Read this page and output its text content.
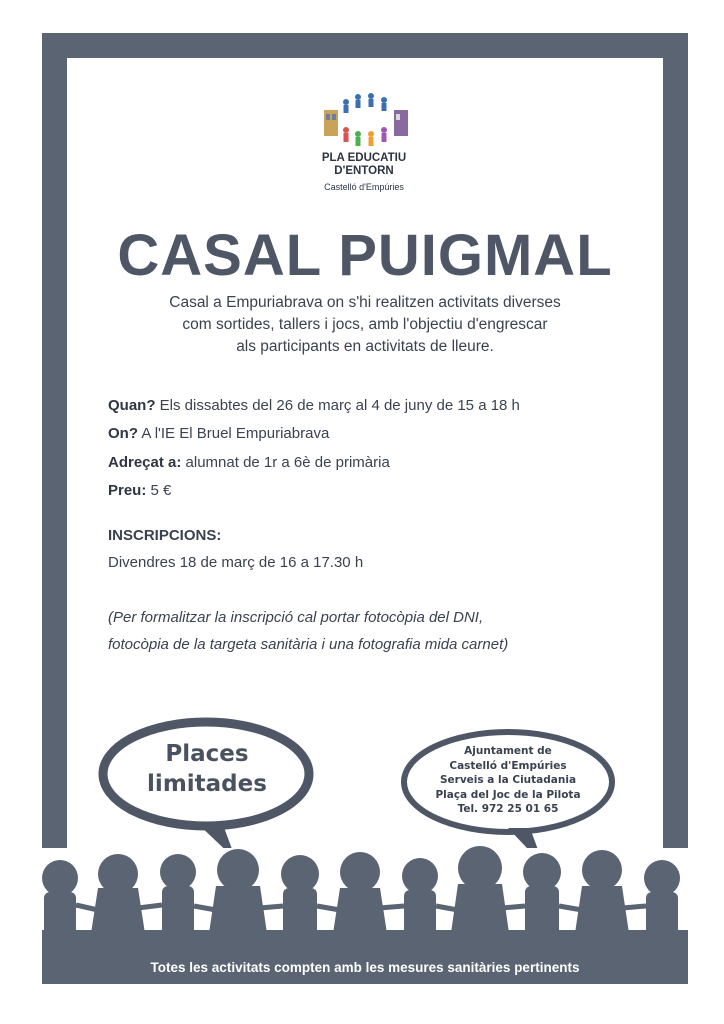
PLA EDUCATIU
D'ENTORN
Castelló d'Empúries
CASAL PUIGMAL
Casal a Empuriabrava on s'hi realitzen activitats diverses
com sortides, tallers i jocs, amb l'objectiu d'engrescar
als participants en activitats de lleure.
Quan? Els dissabtes del 26 de març al 4 de juny de 15 a 18 h
On? A l'IE El Bruel Empuriabrava
Adreçat a: alumnat de 1r a 6è de primària
Preu: 5 €
INSCRIPCIONS:
Divendres 18 de març de 16 a 17.30 h
(Per formalitzar la inscripció cal portar fotocòpia del DNI,
fotocòpia de la targeta sanitària i una fotografia mida carnet)
Places
limitades
Ajuntament de
Castelló d'Empúries
Serveis a la Ciutadania
Plaça del Joc de la Pilota
Tel. 972 25 01 65
Totes les activitats compten amb les mesures sanitàries pertinents
